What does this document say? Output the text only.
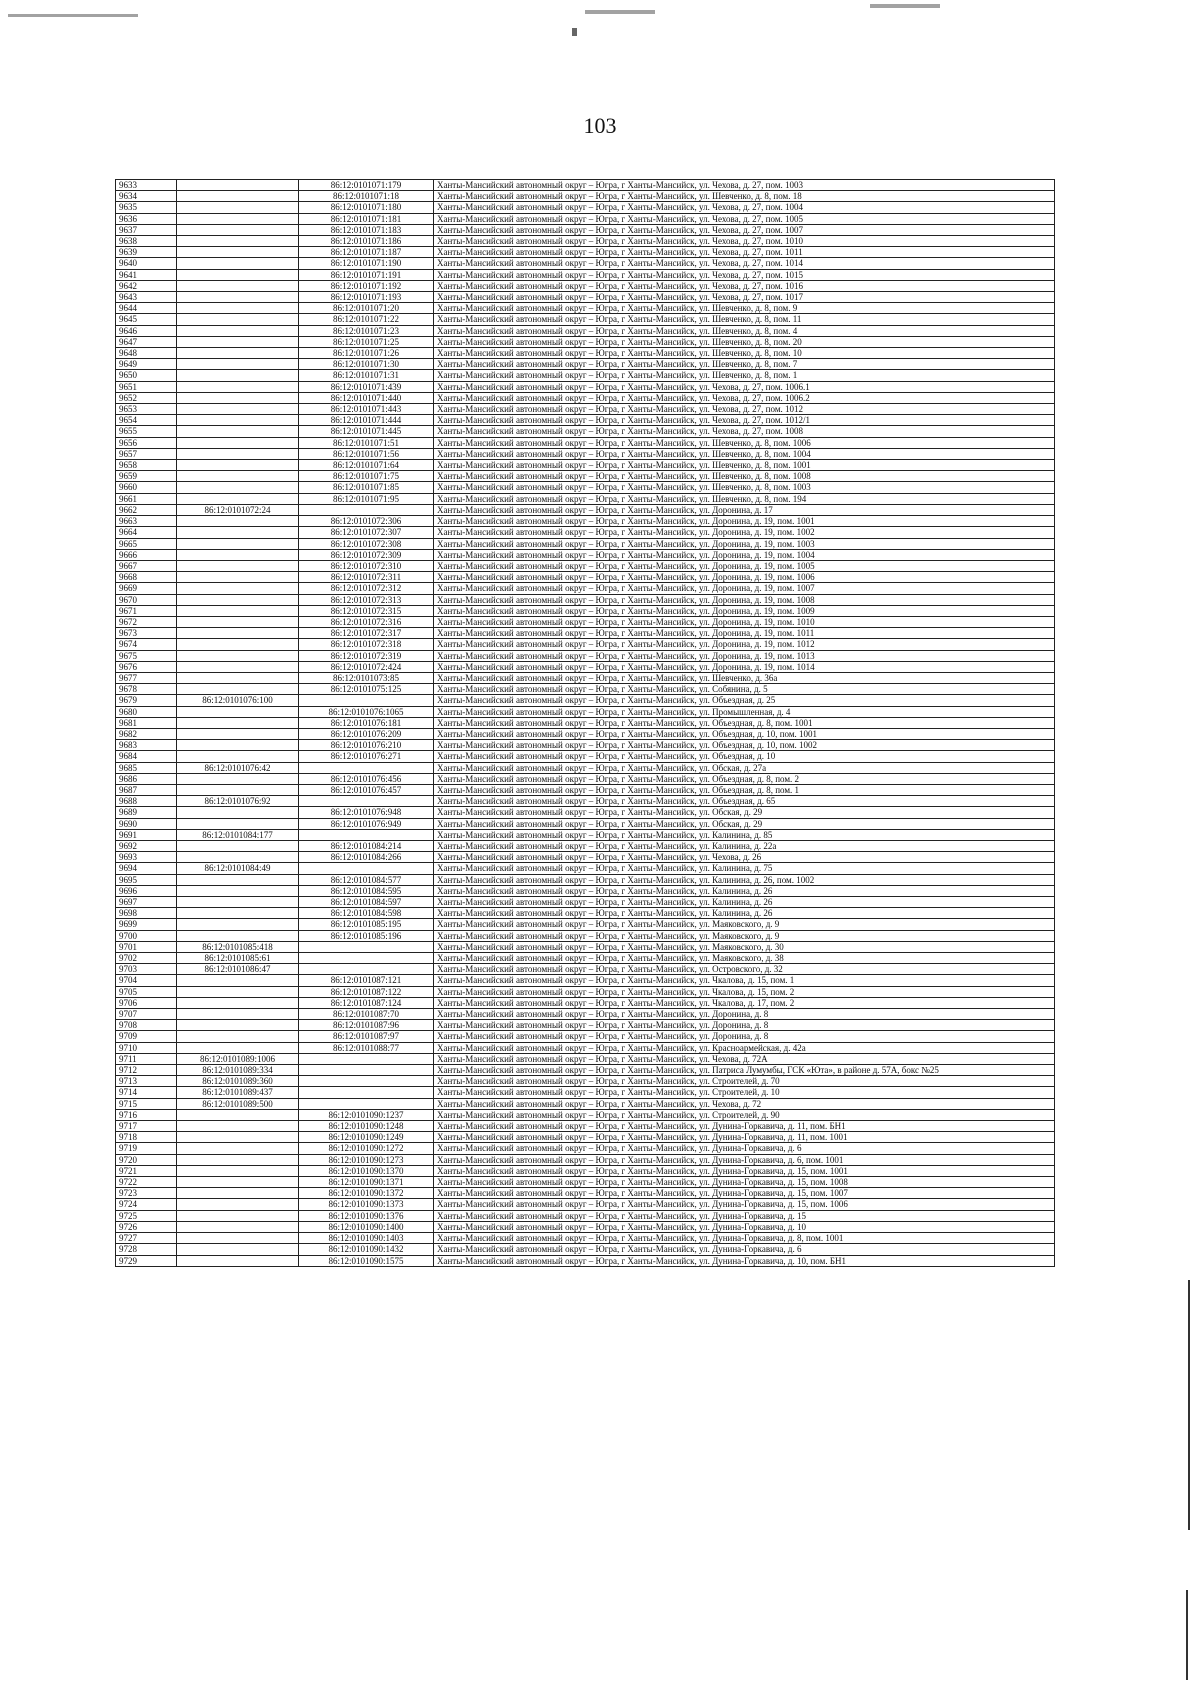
103
9633		86:12:0101071:179	Ханты-Мансийский автономный округ – Югра, г Ханты-Мансийск, ул. Чехова, д. 27, пом. 1003
9634		86:12:0101071:18	Ханты-Мансийский автономный округ – Югра, г Ханты-Мансийск, ул. Шевченко, д. 8, пом. 18
9635		86:12:0101071:180	Ханты-Мансийский автономный округ – Югра, г Ханты-Мансийск, ул. Чехова, д. 27, пом. 1004
9636		86:12:0101071:181	Ханты-Мансийский автономный округ – Югра, г Ханты-Мансийск, ул. Чехова, д. 27, пом. 1005
9637		86:12:0101071:183	Ханты-Мансийский автономный округ – Югра, г Ханты-Мансийск, ул. Чехова, д. 27, пом. 1007
9638		86:12:0101071:186	Ханты-Мансийский автономный округ – Югра, г Ханты-Мансийск, ул. Чехова, д. 27, пом. 1010
9639		86:12:0101071:187	Ханты-Мансийский автономный округ – Югра, г Ханты-Мансийск, ул. Чехова, д. 27, пом. 1011
9640		86:12:0101071:190	Ханты-Мансийский автономный округ – Югра, г Ханты-Мансийск, ул. Чехова, д. 27, пом. 1014
9641		86:12:0101071:191	Ханты-Мансийский автономный округ – Югра, г Ханты-Мансийск, ул. Чехова, д. 27, пом. 1015
9642		86:12:0101071:192	Ханты-Мансийский автономный округ – Югра, г Ханты-Мансийск, ул. Чехова, д. 27, пом. 1016
9643		86:12:0101071:193	Ханты-Мансийский автономный округ – Югра, г Ханты-Мансийск, ул. Чехова, д. 27, пом. 1017
9644		86:12:0101071:20	Ханты-Мансийский автономный округ – Югра, г Ханты-Мансийск, ул. Шевченко, д. 8, пом. 9
9645		86:12:0101071:22	Ханты-Мансийский автономный округ – Югра, г Ханты-Мансийск, ул. Шевченко, д. 8, пом. 11
9646		86:12:0101071:23	Ханты-Мансийский автономный округ – Югра, г Ханты-Мансийск, ул. Шевченко, д. 8, пом. 4
9647		86:12:0101071:25	Ханты-Мансийский автономный округ – Югра, г Ханты-Мансийск, ул. Шевченко, д. 8, пом. 20
9648		86:12:0101071:26	Ханты-Мансийский автономный округ – Югра, г Ханты-Мансийск, ул. Шевченко, д. 8, пом. 10
9649		86:12:0101071:30	Ханты-Мансийский автономный округ – Югра, г Ханты-Мансийск, ул. Шевченко, д. 8, пом. 7
9650		86:12:0101071:31	Ханты-Мансийский автономный округ – Югра, г Ханты-Мансийск, ул. Шевченко, д. 8, пом. 1
9651		86:12:0101071:439	Ханты-Мансийский автономный округ – Югра, г Ханты-Мансийск, ул. Чехова, д. 27, пом. 1006.1
9652		86:12:0101071:440	Ханты-Мансийский автономный округ – Югра, г Ханты-Мансийск, ул. Чехова, д. 27, пом. 1006.2
9653		86:12:0101071:443	Ханты-Мансийский автономный округ – Югра, г Ханты-Мансийск, ул. Чехова, д. 27, пом. 1012
9654		86:12:0101071:444	Ханты-Мансийский автономный округ – Югра, г Ханты-Мансийск, ул. Чехова, д. 27, пом. 1012/1
9655		86:12:0101071:445	Ханты-Мансийский автономный округ – Югра, г Ханты-Мансийск, ул. Чехова, д. 27, пом. 1008
9656		86:12:0101071:51	Ханты-Мансийский автономный округ – Югра, г Ханты-Мансийск, ул. Шевченко, д. 8, пом. 1006
9657		86:12:0101071:56	Ханты-Мансийский автономный округ – Югра, г Ханты-Мансийск, ул. Шевченко, д. 8, пом. 1004
9658		86:12:0101071:64	Ханты-Мансийский автономный округ – Югра, г Ханты-Мансийск, ул. Шевченко, д. 8, пом. 1001
9659		86:12:0101071:75	Ханты-Мансийский автономный округ – Югра, г Ханты-Мансийск, ул. Шевченко, д. 8, пом. 1008
9660		86:12:0101071:85	Ханты-Мансийский автономный округ – Югра, г Ханты-Мансийск, ул. Шевченко, д. 8, пом. 1003
9661		86:12:0101071:95	Ханты-Мансийский автономный округ – Югра, г Ханты-Мансийск, ул. Шевченко, д. 8, пом. 194
9662	86:12:0101072:24		Ханты-Мансийский автономный округ – Югра, г Ханты-Мансийск, ул. Доронина, д. 17
9663		86:12:0101072:306	Ханты-Мансийский автономный округ – Югра, г Ханты-Мансийск, ул. Доронина, д. 19, пом. 1001
9664		86:12:0101072:307	Ханты-Мансийский автономный округ – Югра, г Ханты-Мансийск, ул. Доронина, д. 19, пом. 1002
9665		86:12:0101072:308	Ханты-Мансийский автономный округ – Югра, г Ханты-Мансийск, ул. Доронина, д. 19, пом. 1003
9666		86:12:0101072:309	Ханты-Мансийский автономный округ – Югра, г Ханты-Мансийск, ул. Доронина, д. 19, пом. 1004
9667		86:12:0101072:310	Ханты-Мансийский автономный округ – Югра, г Ханты-Мансийск, ул. Доронина, д. 19, пом. 1005
9668		86:12:0101072:311	Ханты-Мансийский автономный округ – Югра, г Ханты-Мансийск, ул. Доронина, д. 19, пом. 1006
9669		86:12:0101072:312	Ханты-Мансийский автономный округ – Югра, г Ханты-Мансийск, ул. Доронина, д. 19, пом. 1007
9670		86:12:0101072:313	Ханты-Мансийский автономный округ – Югра, г Ханты-Мансийск, ул. Доронина, д. 19, пом. 1008
9671		86:12:0101072:315	Ханты-Мансийский автономный округ – Югра, г Ханты-Мансийск, ул. Доронина, д. 19, пом. 1009
9672		86:12:0101072:316	Ханты-Мансийский автономный округ – Югра, г Ханты-Мансийск, ул. Доронина, д. 19, пом. 1010
9673		86:12:0101072:317	Ханты-Мансийский автономный округ – Югра, г Ханты-Мансийск, ул. Доронина, д. 19, пом. 1011
9674		86:12:0101072:318	Ханты-Мансийский автономный округ – Югра, г Ханты-Мансийск, ул. Доронина, д. 19, пом. 1012
9675		86:12:0101072:319	Ханты-Мансийский автономный округ – Югра, г Ханты-Мансийск, ул. Доронина, д. 19, пом. 1013
9676		86:12:0101072:424	Ханты-Мансийский автономный округ – Югра, г Ханты-Мансийск, ул. Доронина, д. 19, пом. 1014
9677		86:12:0101073:85	Ханты-Мансийский автономный округ – Югра, г Ханты-Мансийск, ул. Шевченко, д. 36а
9678		86:12:0101075:125	Ханты-Мансийский автономный округ – Югра, г Ханты-Мансийск, ул. Собянина, д. 5
9679	86:12:0101076:100		Ханты-Мансийский автономный округ – Югра, г Ханты-Мансийск, ул. Объездная, д. 25
9680		86:12:0101076:1065	Ханты-Мансийский автономный округ – Югра, г Ханты-Мансийск, ул. Промышленная, д. 4
9681		86:12:0101076:181	Ханты-Мансийский автономный округ – Югра, г Ханты-Мансийск, ул. Объездная, д. 8, пом. 1001
9682		86:12:0101076:209	Ханты-Мансийский автономный округ – Югра, г Ханты-Мансийск, ул. Объездная, д. 10, пом. 1001
9683		86:12:0101076:210	Ханты-Мансийский автономный округ – Югра, г Ханты-Мансийск, ул. Объездная, д. 10, пом. 1002
9684		86:12:0101076:271	Ханты-Мансийский автономный округ – Югра, г Ханты-Мансийск, ул. Объездная, д. 10
9685	86:12:0101076:42		Ханты-Мансийский автономный округ – Югра, г Ханты-Мансийск, ул. Обская, д. 27а
9686		86:12:0101076:456	Ханты-Мансийский автономный округ – Югра, г Ханты-Мансийск, ул. Объездная, д. 8, пом. 2
9687		86:12:0101076:457	Ханты-Мансийский автономный округ – Югра, г Ханты-Мансийск, ул. Объездная, д. 8, пом. 1
9688	86:12:0101076:92		Ханты-Мансийский автономный округ – Югра, г Ханты-Мансийск, ул. Объездная, д. 65
9689		86:12:0101076:948	Ханты-Мансийский автономный округ – Югра, г Ханты-Мансийск, ул. Обская, д. 29
9690		86:12:0101076:949	Ханты-Мансийский автономный округ – Югра, г Ханты-Мансийск, ул. Обская, д. 29
9691	86:12:0101084:177		Ханты-Мансийский автономный округ – Югра, г Ханты-Мансийск, ул. Калинина, д. 85
9692		86:12:0101084:214	Ханты-Мансийский автономный округ – Югра, г Ханты-Мансийск, ул. Калинина, д. 22а
9693		86:12:0101084:266	Ханты-Мансийский автономный округ – Югра, г Ханты-Мансийск, ул. Чехова, д. 26
9694	86:12:0101084:49		Ханты-Мансийский автономный округ – Югра, г Ханты-Мансийск, ул. Калинина, д. 75
9695		86:12:0101084:577	Ханты-Мансийский автономный округ – Югра, г Ханты-Мансийск, ул. Калинина, д. 26, пом. 1002
9696		86:12:0101084:595	Ханты-Мансийский автономный округ – Югра, г Ханты-Мансийск, ул. Калинина, д. 26
9697		86:12:0101084:597	Ханты-Мансийский автономный округ – Югра, г Ханты-Мансийск, ул. Калинина, д. 26
9698		86:12:0101084:598	Ханты-Мансийский автономный округ – Югра, г Ханты-Мансийск, ул. Калинина, д. 26
9699		86:12:0101085:195	Ханты-Мансийский автономный округ – Югра, г Ханты-Мансийск, ул. Маяковского, д. 9
9700		86:12:0101085:196	Ханты-Мансийский автономный округ – Югра, г Ханты-Мансийск, ул. Маяковского, д. 9
9701	86:12:0101085:418		Ханты-Мансийский автономный округ – Югра, г Ханты-Мансийск, ул. Маяковского, д. 30
9702	86:12:0101085:61		Ханты-Мансийский автономный округ – Югра, г Ханты-Мансийск, ул. Маяковского, д. 38
9703	86:12:0101086:47		Ханты-Мансийский автономный округ – Югра, г Ханты-Мансийск, ул. Островского, д. 32
9704		86:12:0101087:121	Ханты-Мансийский автономный округ – Югра, г Ханты-Мансийск, ул. Чкалова, д. 15, пом. 1
9705		86:12:0101087:122	Ханты-Мансийский автономный округ – Югра, г Ханты-Мансийск, ул. Чкалова, д. 15, пом. 2
9706		86:12:0101087:124	Ханты-Мансийский автономный округ – Югра, г Ханты-Мансийск, ул. Чкалова, д. 17, пом. 2
9707		86:12:0101087:70	Ханты-Мансийский автономный округ – Югра, г Ханты-Мансийск, ул. Доронина, д. 8
9708		86:12:0101087:96	Ханты-Мансийский автономный округ – Югра, г Ханты-Мансийск, ул. Доронина, д. 8
9709		86:12:0101087:97	Ханты-Мансийский автономный округ – Югра, г Ханты-Мансийск, ул. Доронина, д. 8
9710		86:12:0101088:77	Ханты-Мансийский автономный округ – Югра, г Ханты-Мансийск, ул. Красноармейская, д. 42а
9711	86:12:0101089:1006		Ханты-Мансийский автономный округ – Югра, г Ханты-Мансийск, ул. Чехова, д. 72А
9712	86:12:0101089:334		Ханты-Мансийский автономный округ – Югра, г Ханты-Мансийск, ул. Патриса Лумумбы, ГСК «Юта», в районе д. 57А, бокс №25
9713	86:12:0101089:360		Ханты-Мансийский автономный округ – Югра, г Ханты-Мансийск, ул. Строителей, д. 70
9714	86:12:0101089:437		Ханты-Мансийский автономный округ – Югра, г Ханты-Мансийск, ул. Строителей, д. 10
9715	86:12:0101089:500		Ханты-Мансийский автономный округ – Югра, г Ханты-Мансийск, ул. Чехова, д. 72
9716		86:12:0101090:1237	Ханты-Мансийский автономный округ – Югра, г Ханты-Мансийск, ул. Строителей, д. 90
9717		86:12:0101090:1248	Ханты-Мансийский автономный округ – Югра, г Ханты-Мансийск, ул. Дунина-Горкавича, д. 11, пом. БН1
9718		86:12:0101090:1249	Ханты-Мансийский автономный округ – Югра, г Ханты-Мансийск, ул. Дунина-Горкавича, д. 11, пом. 1001
9719		86:12:0101090:1272	Ханты-Мансийский автономный округ – Югра, г Ханты-Мансийск, ул. Дунина-Горкавича, д. 6
9720		86:12:0101090:1273	Ханты-Мансийский автономный округ – Югра, г Ханты-Мансийск, ул. Дунина-Горкавича, д. 6, пом. 1001
9721		86:12:0101090:1370	Ханты-Мансийский автономный округ – Югра, г Ханты-Мансийск, ул. Дунина-Горкавича, д. 15, пом. 1001
9722		86:12:0101090:1371	Ханты-Мансийский автономный округ – Югра, г Ханты-Мансийск, ул. Дунина-Горкавича, д. 15, пом. 1008
9723		86:12:0101090:1372	Ханты-Мансийский автономный округ – Югра, г Ханты-Мансийск, ул. Дунина-Горкавича, д. 15, пом. 1007
9724		86:12:0101090:1373	Ханты-Мансийский автономный округ – Югра, г Ханты-Мансийск, ул. Дунина-Горкавича, д. 15, пом. 1006
9725		86:12:0101090:1376	Ханты-Мансийский автономный округ – Югра, г Ханты-Мансийск, ул. Дунина-Горкавича, д. 15
9726		86:12:0101090:1400	Ханты-Мансийский автономный округ – Югра, г Ханты-Мансийск, ул. Дунина-Горкавича, д. 10
9727		86:12:0101090:1403	Ханты-Мансийский автономный округ – Югра, г Ханты-Мансийск, ул. Дунина-Горкавича, д. 8, пом. 1001
9728		86:12:0101090:1432	Ханты-Мансийский автономный округ – Югра, г Ханты-Мансийск, ул. Дунина-Горкавича, д. 6
9729		86:12:0101090:1575	Ханты-Мансийский автономный округ – Югра, г Ханты-Мансийск, ул. Дунина-Горкавича, д. 10, пом. БН1
